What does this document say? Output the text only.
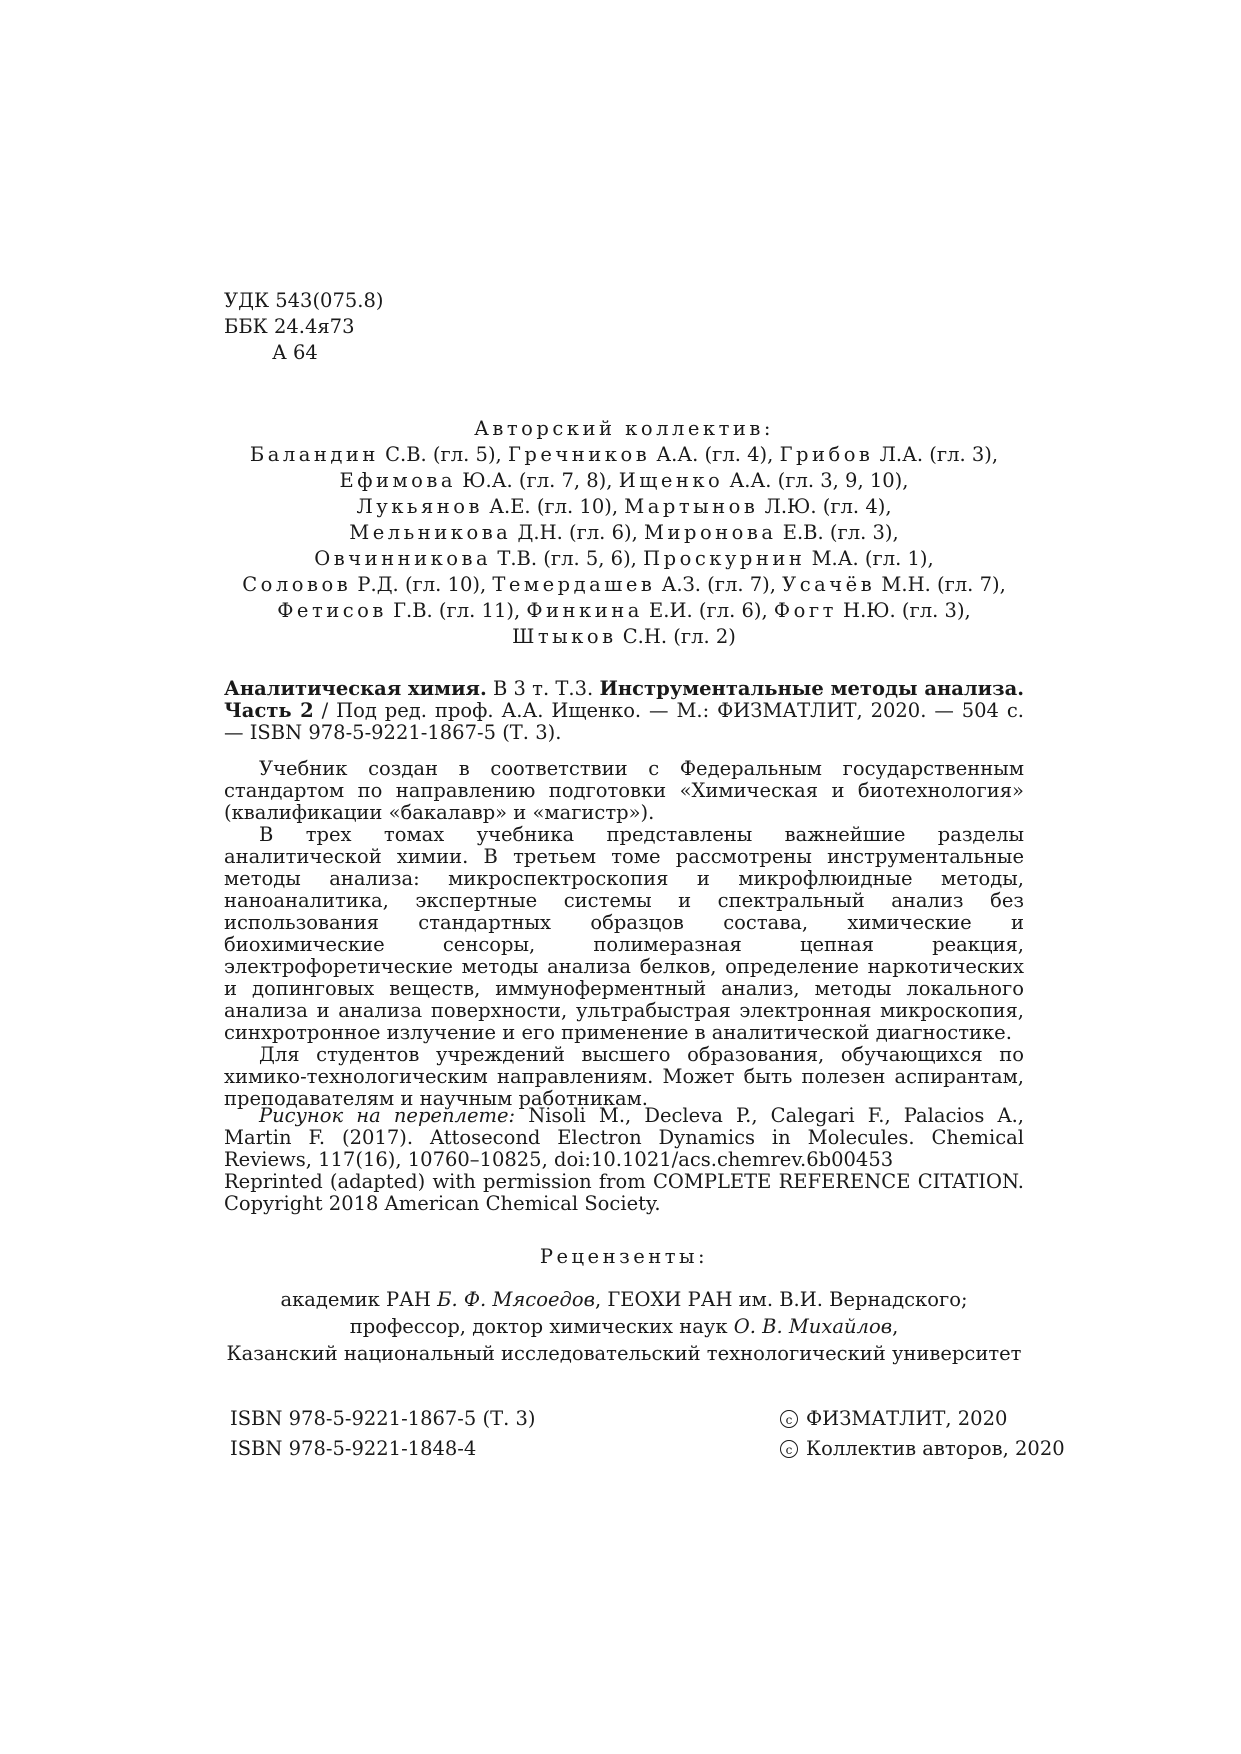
УДК 543(075.8)
ББК 24.4я73
А 64
Авторский коллектив:
Баландин С.В. (гл. 5), Гречников А.А. (гл. 4), Грибов Л.А. (гл. 3),
Ефимова Ю.А. (гл. 7, 8), Ищенко А.А. (гл. 3, 9, 10),
Лукьянов А.Е. (гл. 10), Мартынов Л.Ю. (гл. 4),
Мельникова Д.Н. (гл. 6), Миронова Е.В. (гл. 3),
Овчинникова Т.В. (гл. 5, 6), Проскурнин М.А. (гл. 1),
Соловов Р.Д. (гл. 10), Темердашев А.З. (гл. 7), Усачёв М.Н. (гл. 7),
Фетисов Г.В. (гл. 11), Финкина Е.И. (гл. 6), Фогт Н.Ю. (гл. 3),
Штыков С.Н. (гл. 2)

Аналитическая химия. В 3 т. Т.3. Инструментальные методы анализа. Часть 2 / Под ред. проф. А.А. Ищенко. — М.: ФИЗМАТЛИТ, 2020. — 504 с. — ISBN 978-5-9221-1867-5 (Т. 3).

Учебник создан в соответствии с Федеральным государственным стандартом по направлению подготовки «Химическая и биотехнология» (квалификации «бакалавр» и «магистр»).

В трех томах учебника представлены важнейшие разделы аналитической химии. В третьем томе рассмотрены инструментальные методы анализа: микроспектроскопия и микрофлюидные методы, наноаналитика, экспертные системы и спектральный анализ без использования стандартных образцов состава, химические и биохимические сенсоры, полимеразная цепная реакция, электрофоретические методы анализа белков, определение наркотических и допинговых веществ, иммуноферментный анализ, методы локального анализа и анализа поверхности, ультрабыстрая электронная микроскопия, синхротронное излучение и его применение в аналитической диагностике.

Для студентов учреждений высшего образования, обучающихся по химико-технологическим направлениям. Может быть полезен аспирантам, преподавателям и научным работникам.

Рисунок на переплете: Nisoli M., Decleva P., Calegari F., Palacios A., Martin F. (2017). Attosecond Electron Dynamics in Molecules. Chemical Reviews, 117(16), 10760–10825, doi:10.1021/acs.chemrev.6b00453

Reprinted (adapted) with permission from COMPLETE REFERENCE CITATION. Copyright 2018 American Chemical Society.

Рецензенты:
академик РАН Б. Ф. Мясоедов, ГЕОХИ РАН им. В.И. Вернадского;
профессор, доктор химических наук О. В. Михайлов,
Казанский национальный исследовательский технологический университет
ISBN 978-5-9221-1867-5 (Т. 3)
ISBN 978-5-9221-1848-4
c ФИЗМАТЛИТ, 2020
c Коллектив авторов, 2020
